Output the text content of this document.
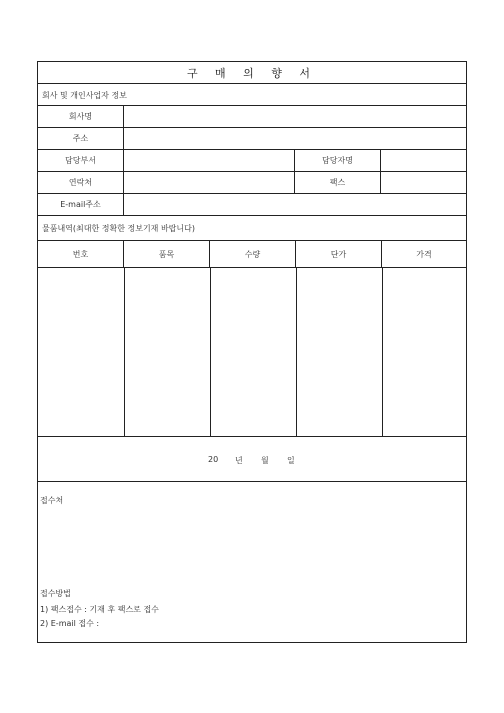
구 매 의 향 서
회사 및 개인사업자 정보
회사명
주소
담당부서	담당자명
연락처	팩스
E-mail주소
물품내역(최대한 정확한 정보기재 바랍니다)
번호	품목	수량	단가	가격
20 년 월 일
접수처
접수방법
1) 팩스접수 : 기재 후 팩스로 접수
2) E-mail 접수 :
